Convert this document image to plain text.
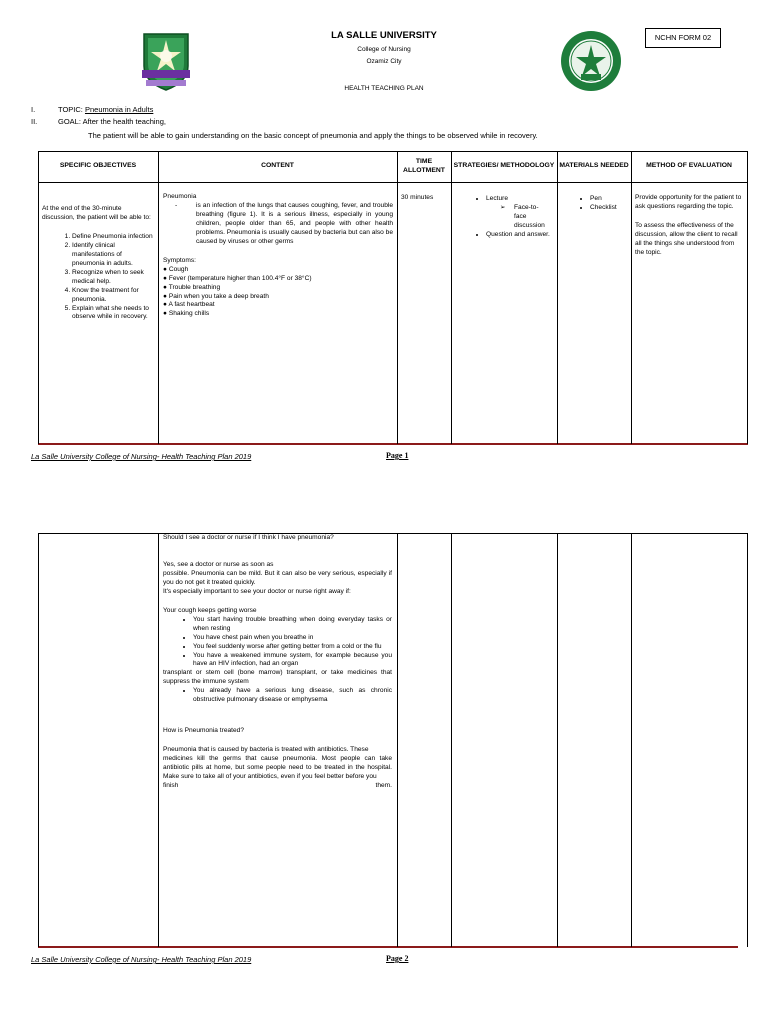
LA SALLE UNIVERSITY
College of Nursing
Ozamiz City
HEALTH TEACHING PLAN
NCHN FORM 02
I.	TOPIC: Pneumonia in Adults
II.	GOAL: After the health teaching,
The patient will be able to gain understanding on the basic concept of pneumonia and apply the things to be observed while in recovery.
SPECIFIC OBJECTIVES	CONTENT
TIME ALLOTMENT
STRATEGIES/ METHODOLOGY MATERIALS NEEDED	METHOD OF EVALUATION
At the end of the 30-minute discussion, the patient will be able to:
1. Define Pneumonia infection
2. Identify clinical manifestations of pneumonia in adults.
3. Recognize when to seek medical help.
4. Know the treatment for pneumonia.
5. Explain what she needs to observe while in recovery.
Pneumonia
-	is an infection of the lungs that causes coughing, fever, and trouble breathing (figure 1). It is a serious illness, especially in young children, people older than 65, and people with other health problems. Pneumonia is usually caused by bacteria but can also be caused by viruses or other germs
Symptoms:
● Cough
● Fever (temperature higher than 100.4°F or 38°C)
● Trouble breathing
● Pain when you take a deep breath
● A fast heartbeat
● Shaking chills
30 minutes
•	Lecture
➢	Face-to-face discussion
• Question and answer.
• Pen
• Checklist
Provide opportunity for the patient to ask questions regarding the topic.
To assess the effectiveness of the discussion, allow the client to recall all the things she understood from the topic.
La Salle University College of Nursing- Health Teaching Plan 2019	Page 1
Should I see a doctor or nurse if I think I have pneumonia?
Yes, see a doctor or nurse as soon as
possible. Pneumonia can be mild. But it can also be very serious, especially if you do not get it treated quickly.
It's especially important to see your doctor or nurse right away if:
Your cough keeps getting worse
• You start having trouble breathing when doing everyday tasks or when resting
• You have chest pain when you breathe in
• You feel suddenly worse after getting better from a cold or the flu
• You have a weakened immune system, for example because you have an HIV infection, had an organ
transplant or stem cell (bone marrow) transplant, or take medicines that suppress the immune system
• You already have a serious lung disease, such as chronic obstructive pulmonary disease or emphysema
How is Pneumonia treated?
Pneumonia that is caused by bacteria is treated with antibiotics. These
medicines kill the germs that cause pneumonia. Most people can take antibiotic pills at home, but some people need to be treated in the hospital. Make sure to take all of your antibiotics, even if you feel better before you
finish	them.
La Salle University College of Nursing- Health Teaching Plan 2019	Page 2
